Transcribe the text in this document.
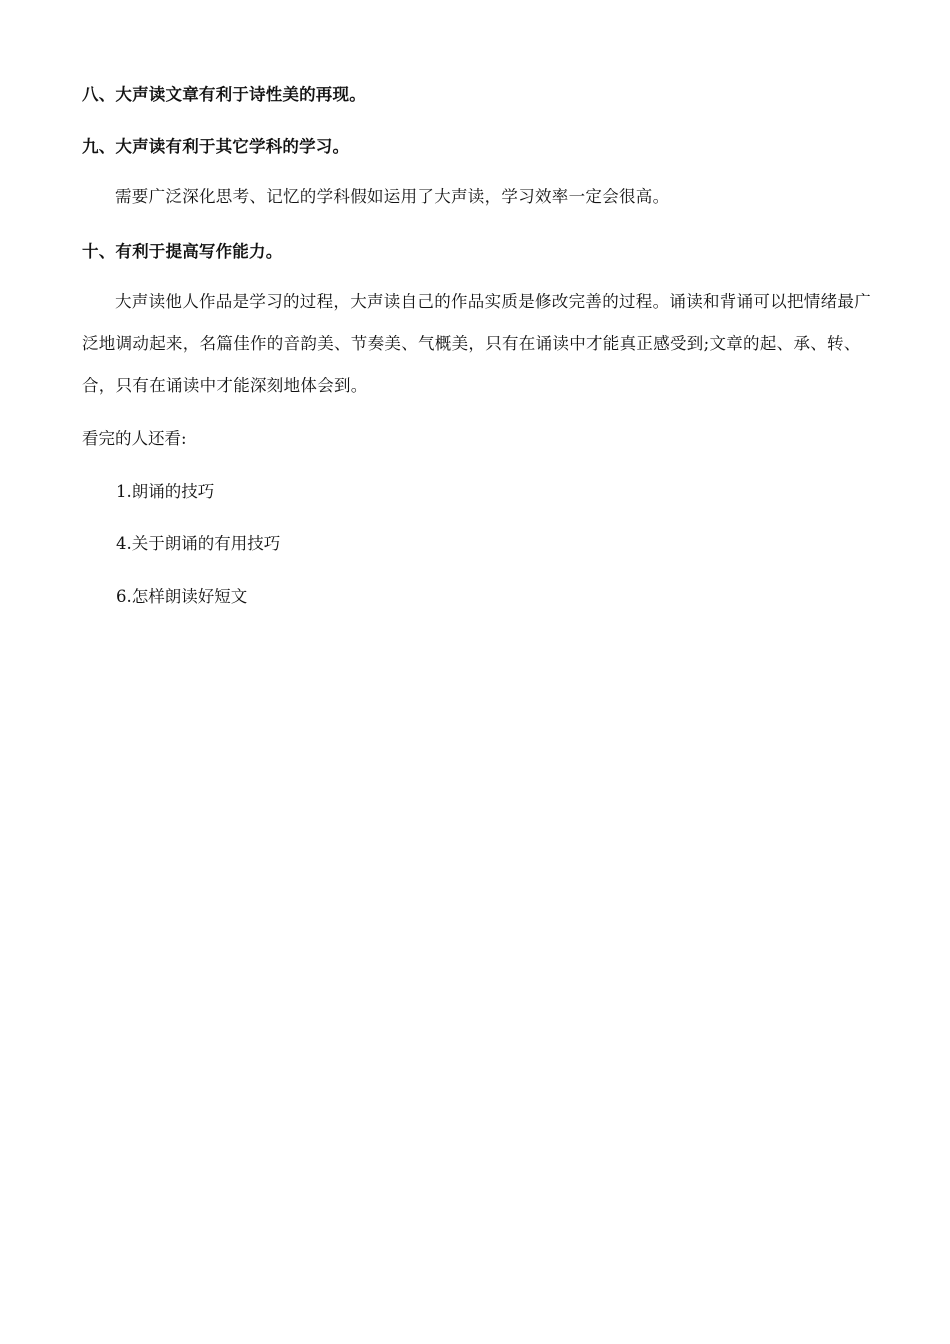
八、大声读文章有利于诗性美的再现。

九、大声读有利于其它学科的学习。

需要广泛深化思考、记忆的学科假如运用了大声读，学习效率一定会很高。

十、有利于提高写作能力。

大声读他人作品是学习的过程，大声读自己的作品实质是修改完善的过程。诵读和背诵可以把情绪最广泛地调动起来，名篇佳作的音韵美、节奏美、气概美，只有在诵读中才能真正感受到;文章的起、承、转、合，只有在诵读中才能深刻地体会到。

看完的人还看:

1.朗诵的技巧
4.关于朗诵的有用技巧
6.怎样朗读好短文
